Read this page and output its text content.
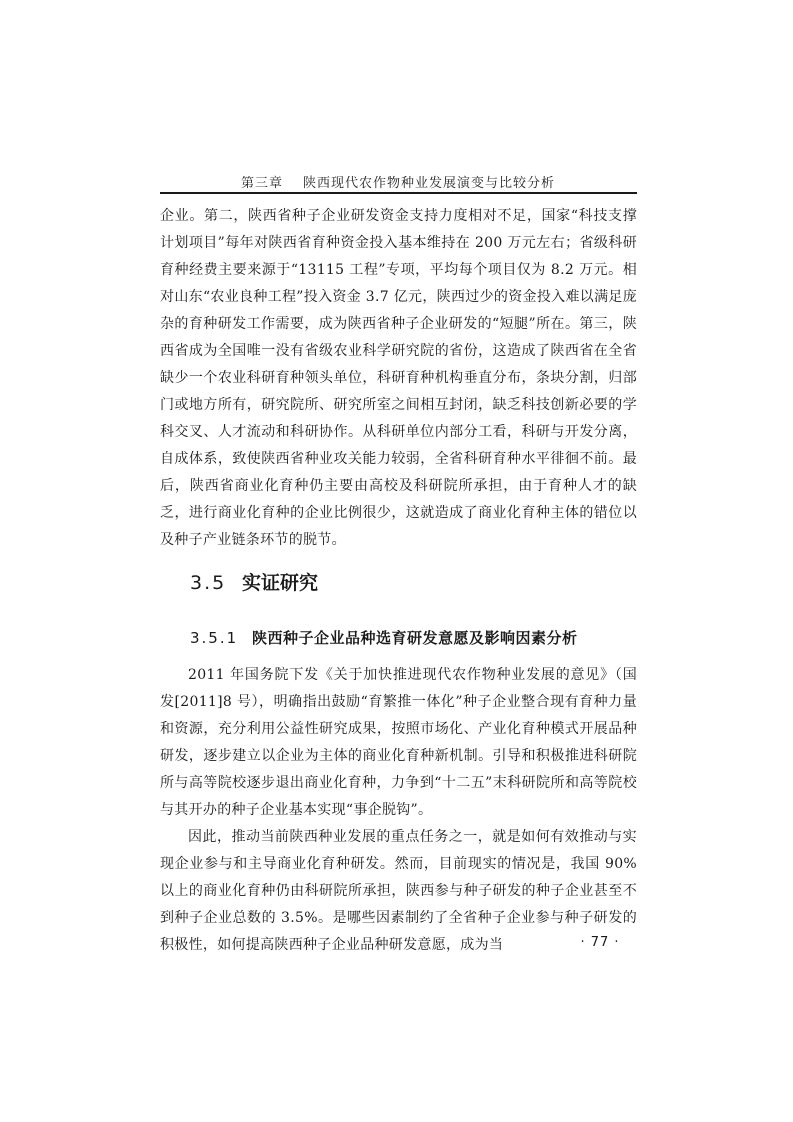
第三章 陕西现代农作物种业发展演变与比较分析

企业。第二，陕西省种子企业研发资金支持力度相对不足，国家“科技支撑计划项目”每年对陕西省育种资金投入基本维持在 200 万元左右；省级科研育种经费主要来源于“13115 工程”专项，平均每个项目仅为 8.2 万元。相对山东“农业良种工程”投入资金 3.7 亿元，陕西过少的资金投入难以满足庞杂的育种研发工作需要，成为陕西省种子企业研发的“短腿”所在。第三，陕西省成为全国唯一没有省级农业科学研究院的省份，这造成了陕西省在全省缺少一个农业科研育种领头单位，科研育种机构垂直分布，条块分割，归部门或地方所有，研究院所、研究所室之间相互封闭，缺乏科技创新必要的学科交叉、人才流动和科研协作。从科研单位内部分工看，科研与开发分离，自成体系，致使陕西省种业攻关能力较弱，全省科研育种水平徘徊不前。最后，陕西省商业化育种仍主要由高校及科研院所承担，由于育种人才的缺乏，进行商业化育种的企业比例很少，这就造成了商业化育种主体的错位以及种子产业链条环节的脱节。

3.5 实证研究
3.5.1 陕西种子企业品种选育研发意愿及影响因素分析

2011 年国务院下发《关于加快推进现代农作物种业发展的意见》（国发[2011]8 号），明确指出鼓励“育繁推一体化”种子企业整合现有育种力量和资源，充分利用公益性研究成果，按照市场化、产业化育种模式开展品种研发，逐步建立以企业为主体的商业化育种新机制。引导和积极推进科研院所与高等院校逐步退出商业化育种，力争到“十二五”末科研院所和高等院校与其开办的种子企业基本实现“事企脱钩”。

因此，推动当前陕西种业发展的重点任务之一，就是如何有效推动与实现企业参与和主导商业化育种研发。然而，目前现实的情况是，我国 90% 以上的商业化育种仍由科研院所承担，陕西参与种子研发的种子企业甚至不到种子企业总数的 3.5%。是哪些因素制约了全省种子企业参与种子研发的积极性，如何提高陕西种子企业品种研发意愿，成为当	· 77 ·
